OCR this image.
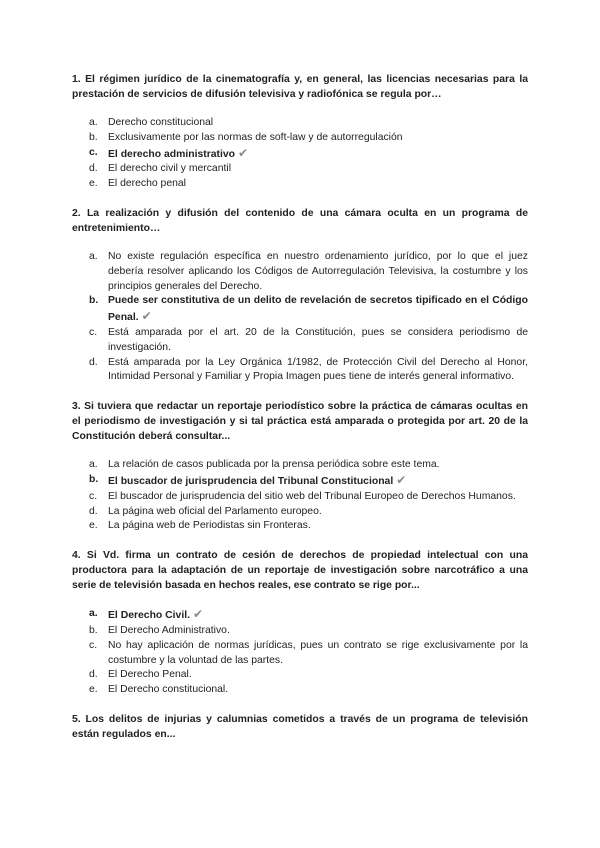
1. El régimen jurídico de la cinematografía y, en general, las licencias necesarias para la prestación de servicios de difusión televisiva y radiofónica se regula por…

a. Derecho constitucional
b. Exclusivamente por las normas de soft-law y de autorregulación
c. El derecho administrativo ✔
d. El derecho civil y mercantil
e. El derecho penal

2. La realización y difusión del contenido de una cámara oculta en un programa de entretenimiento…

a. No existe regulación específica en nuestro ordenamiento jurídico, por lo que el juez debería resolver aplicando los Códigos de Autorregulación Televisiva, la costumbre y los principios generales del Derecho.
b. Puede ser constitutiva de un delito de revelación de secretos tipificado en el Código Penal. ✔
c. Está amparada por el art. 20 de la Constitución, pues se considera periodismo de investigación.
d. Está amparada por la Ley Orgánica 1/1982, de Protección Civil del Derecho al Honor, Intimidad Personal y Familiar y Propia Imagen pues tiene de interés general informativo.

3. Si tuviera que redactar un reportaje periodístico sobre la práctica de cámaras ocultas en el periodismo de investigación y si tal práctica está amparada o protegida por art. 20 de la Constitución deberá consultar...

a. La relación de casos publicada por la prensa periódica sobre este tema.
b. El buscador de jurisprudencia del Tribunal Constitucional ✔
c. El buscador de jurisprudencia del sitio web del Tribunal Europeo de Derechos Humanos.
d. La página web oficial del Parlamento europeo.
e. La página web de Periodistas sin Fronteras.

4. Si Vd. firma un contrato de cesión de derechos de propiedad intelectual con una productora para la adaptación de un reportaje de investigación sobre narcotráfico a una serie de televisión basada en hechos reales, ese contrato se rige por...

a. El Derecho Civil. ✔
b. El Derecho Administrativo.
c. No hay aplicación de normas jurídicas, pues un contrato se rige exclusivamente por la costumbre y la voluntad de las partes.
d. El Derecho Penal.
e. El Derecho constitucional.

5. Los delitos de injurias y calumnias cometidos a través de un programa de televisión están regulados en...
